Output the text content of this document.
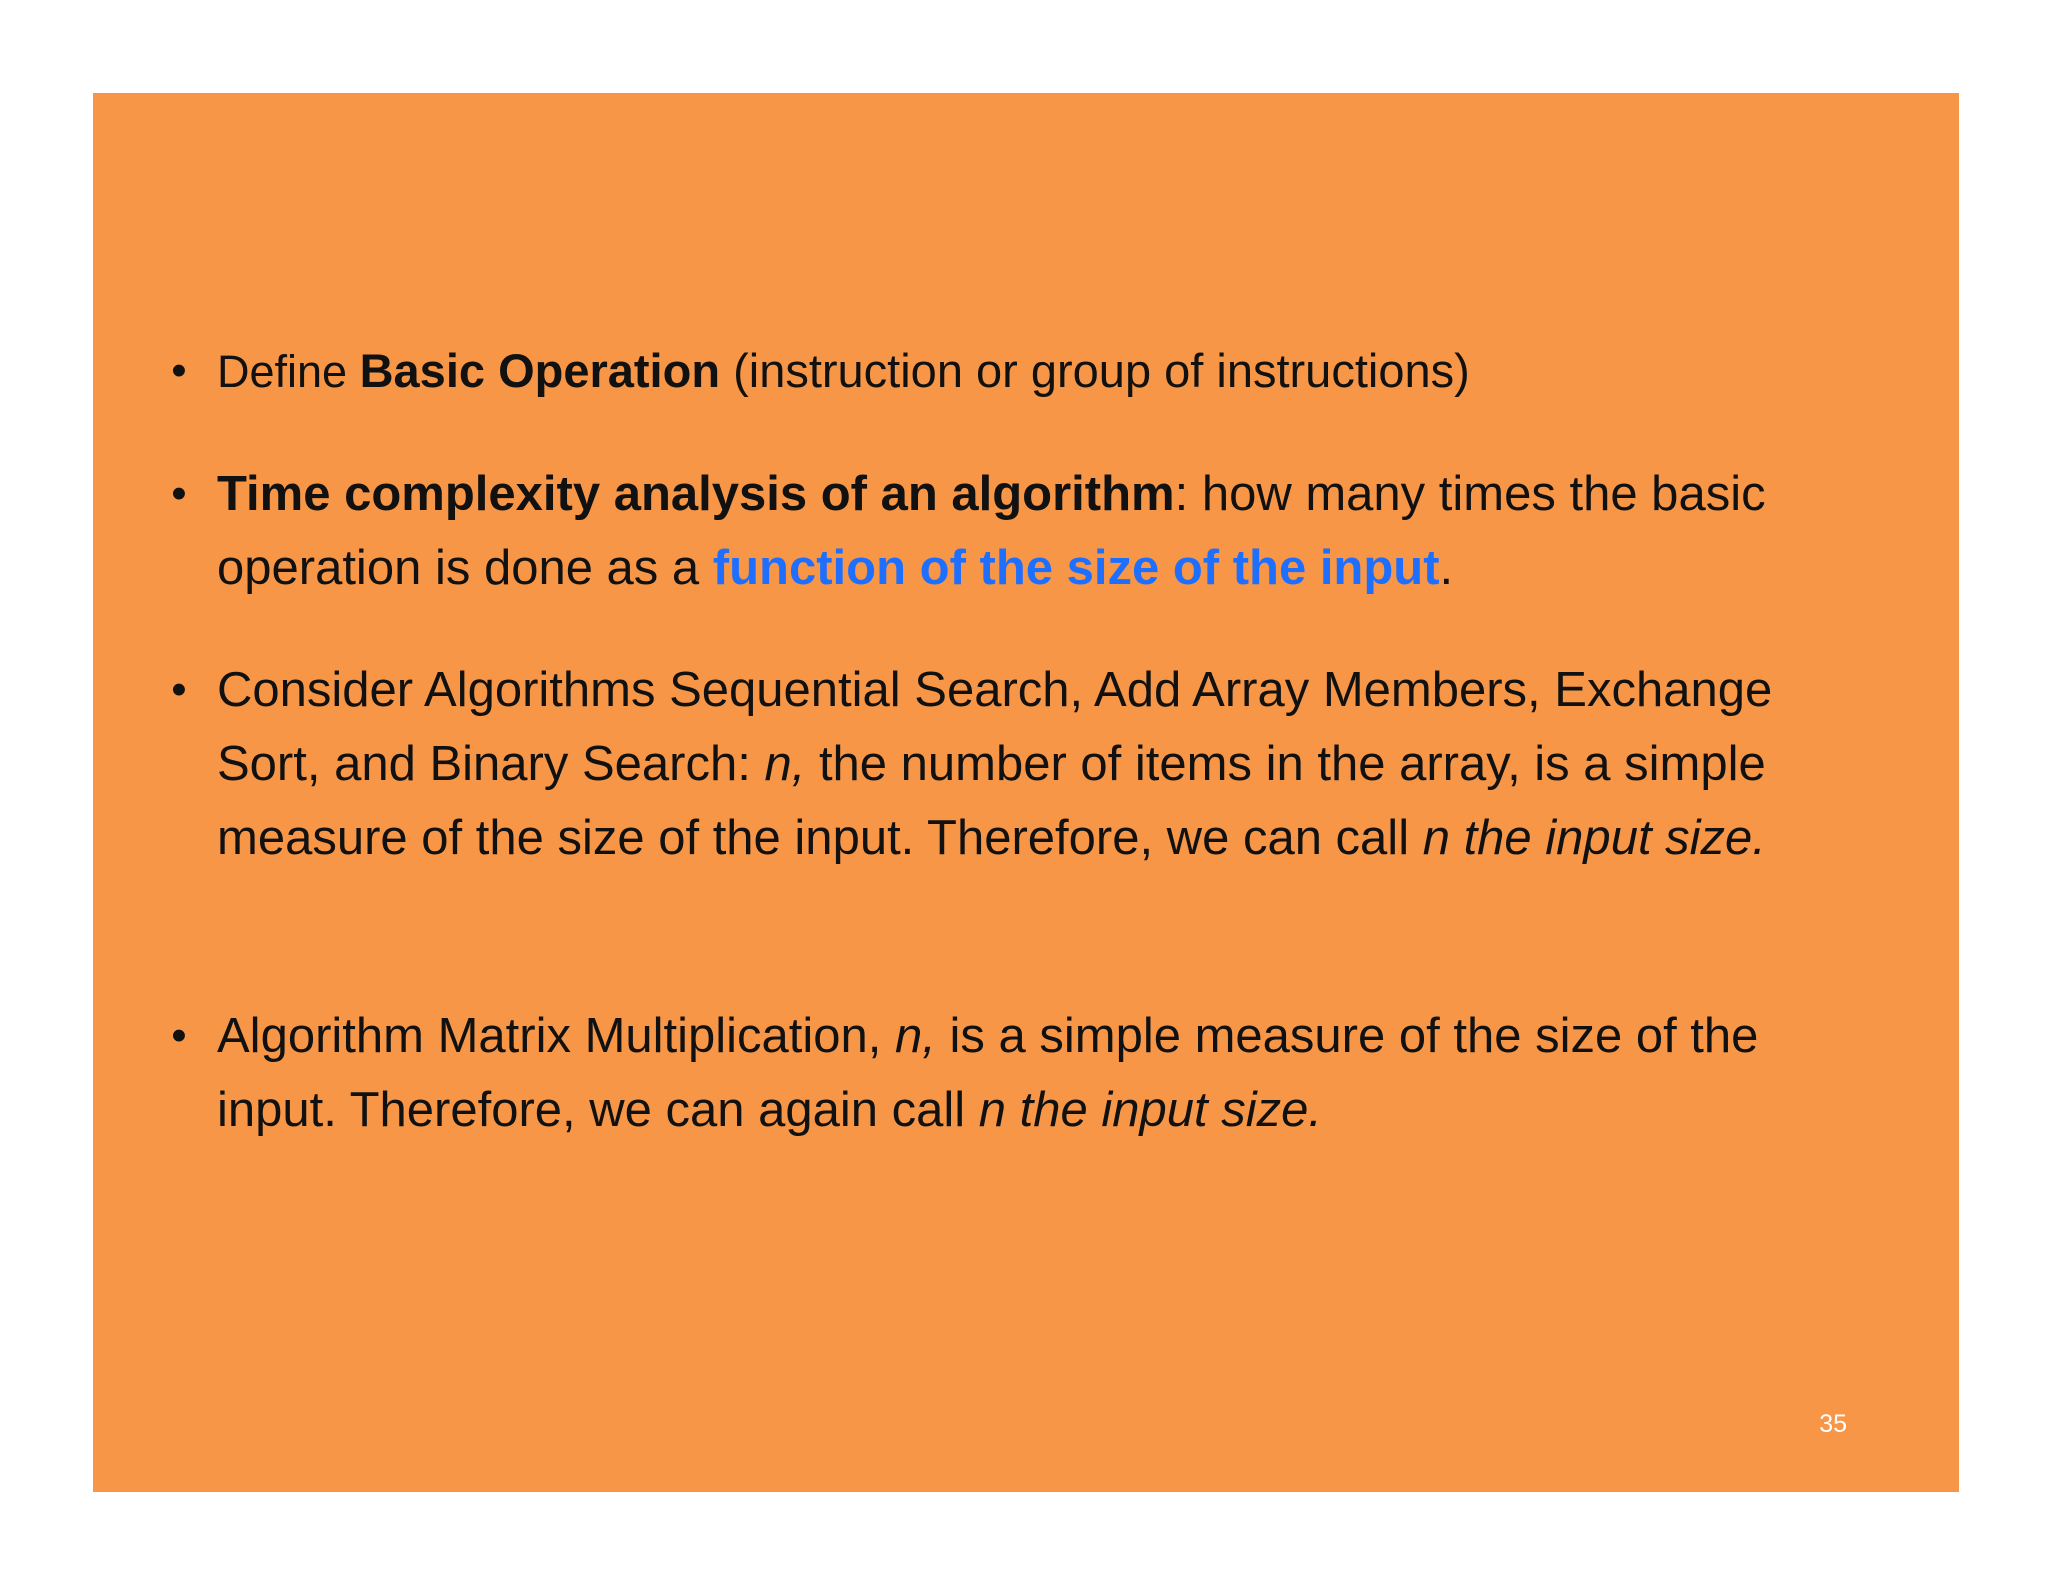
• Define Basic Operation (instruction or group of instructions)
• Time complexity analysis of an algorithm: how many times the basic operation is done as a function of the size of the input.
• Consider Algorithms Sequential Search, Add Array Members, Exchange Sort, and Binary Search: n, the number of items in the array, is a simple measure of the size of the input. Therefore, we can call n the input size.
• Algorithm Matrix Multiplication, n, is a simple measure of the size of the input. Therefore, we can again call n the input size.
35
